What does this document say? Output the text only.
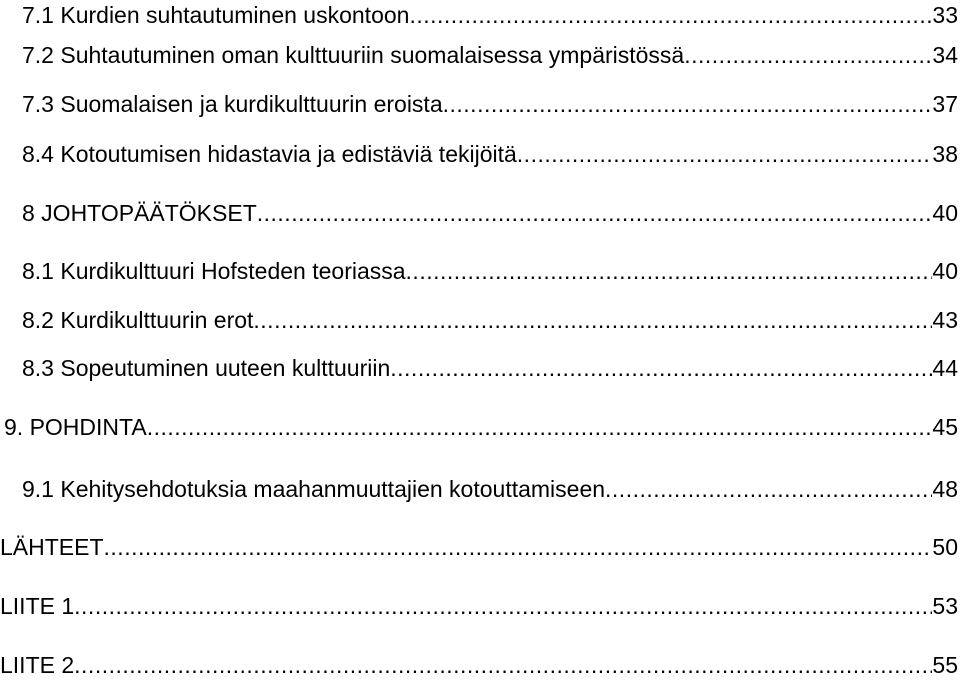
7.1 Kurdien suhtautuminen uskontoon .....	33
7.2 Suhtautuminen oman kulttuuriin suomalaisessa ympäristössä .....	34
7.3 Suomalaisen ja kurdikulttuurin eroista .....	37
8.4 Kotoutumisen hidastavia ja edistäviä tekijöitä .....	38
8 JOHTOPÄÄTÖKSET .....	40
8.1 Kurdikulttuuri Hofsteden teoriassa .....	40
8.2 Kurdikulttuurin erot .....	43
8.3 Sopeutuminen uuteen kulttuuriin .....	44
9. POHDINTA .....	45
9.1 Kehitysehdotuksia maahanmuuttajien kotouttamiseen .....	48
LÄHTEET .....	50
LIITE 1 .....	53
LIITE 2 .....	55
